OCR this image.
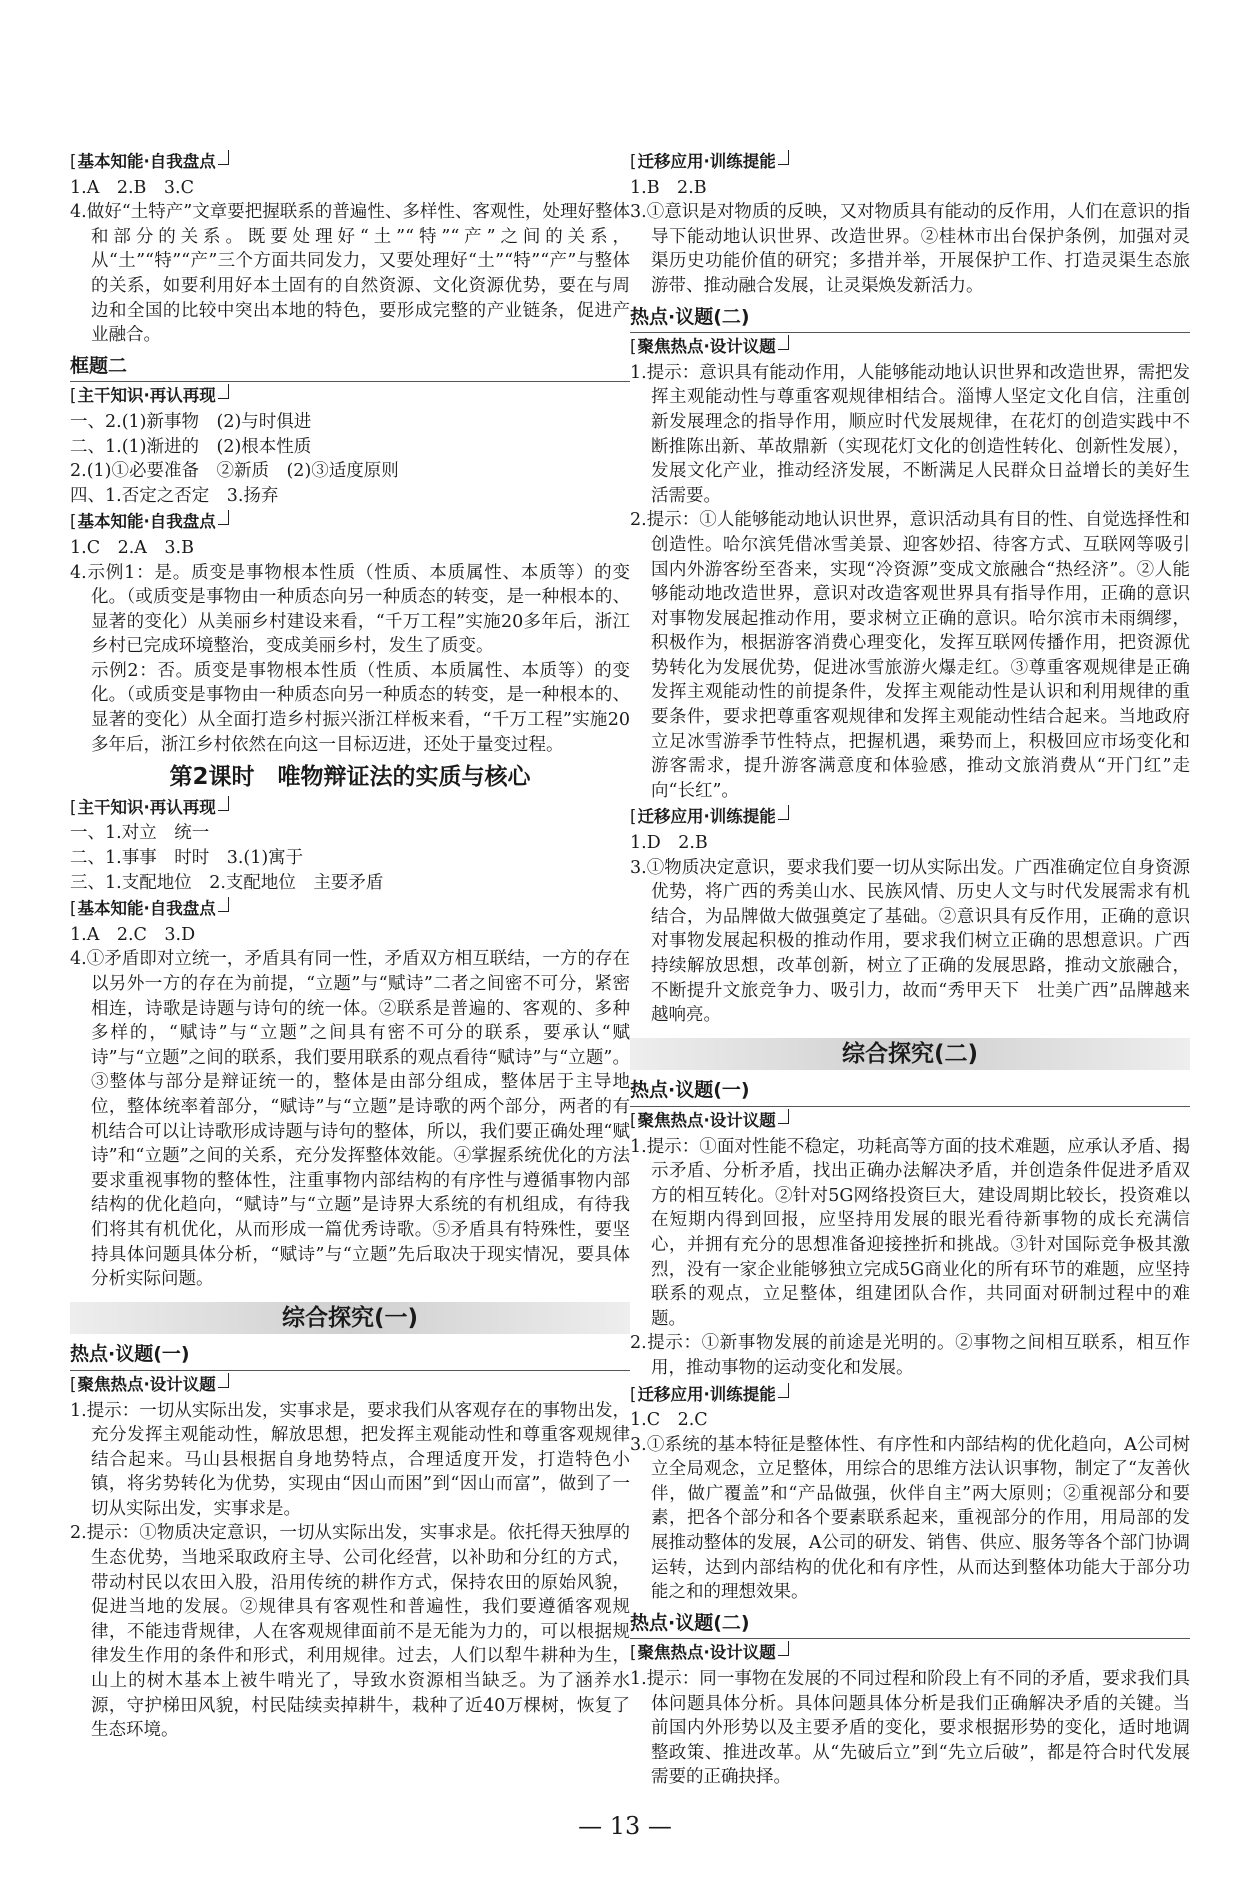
[ 基本知能·自我盘点
1.A　2.B　3.C
4.做好“土特产”文章要把握联系的普遍性、多样性、客观性，处理好整体和部分的关系。既要处理好“土”“特”“产”之间的关系，从“土”“特”“产”三个方面共同发力，又要处理好“土”“特”“产”与整体的关系，如要利用好本土固有的自然资源、文化资源优势，要在与周边和全国的比较中突出本地的特色，要形成完整的产业链条，促进产业融合。
框题二
[ 主干知识·再认再现
一、2.(1)新事物　(2)与时俱进
二、1.(1)渐进的　(2)根本性质
2.(1)①必要准备　②新质　(2)③适度原则
四、1.否定之否定　3.扬弃
[ 基本知能·自我盘点
1.C　2.A　3.B
4.示例1：是。质变是事物根本性质（性质、本质属性、本质等）的变化。（或质变是事物由一种质态向另一种质态的转变，是一种根本的、显著的变化）从美丽乡村建设来看，“千万工程”实施20多年后，浙江乡村已完成环境整治，变成美丽乡村，发生了质变。
示例2：否。质变是事物根本性质（性质、本质属性、本质等）的变化。（或质变是事物由一种质态向另一种质态的转变，是一种根本的、显著的变化）从全面打造乡村振兴浙江样板来看，“千万工程”实施20多年后，浙江乡村依然在向这一目标迈进，还处于量变过程。
第2课时　唯物辩证法的实质与核心
[ 主干知识·再认再现
一、1.对立　统一
二、1.事事　时时　3.(1)寓于
三、1.支配地位　2.支配地位　主要矛盾
[ 基本知能·自我盘点
1.A　2.C　3.D
4.①矛盾即对立统一，矛盾具有同一性，矛盾双方相互联结，一方的存在以另外一方的存在为前提，“立题”与“赋诗”二者之间密不可分，紧密相连，诗歌是诗题与诗句的统一体。②联系是普遍的、客观的、多种多样的，“赋诗”与“立题”之间具有密不可分的联系，要承认“赋诗”与“立题”之间的联系，我们要用联系的观点看待“赋诗”与“立题”。③整体与部分是辩证统一的，整体是由部分组成，整体居于主导地位，整体统率着部分，“赋诗”与“立题”是诗歌的两个部分，两者的有机结合可以让诗歌形成诗题与诗句的整体，所以，我们要正确处理“赋诗”和“立题”之间的关系，充分发挥整体效能。④掌握系统优化的方法要求重视事物的整体性，注重事物内部结构的有序性与遵循事物内部结构的优化趋向，“赋诗”与“立题”是诗界大系统的有机组成，有待我们将其有机优化，从而形成一篇优秀诗歌。⑤矛盾具有特殊性，要坚持具体问题具体分析，“赋诗”与“立题”先后取决于现实情况，要具体分析实际问题。
综合探究(一)
热点·议题(一)
[ 聚焦热点·设计议题
1.提示：一切从实际出发，实事求是，要求我们从客观存在的事物出发，充分发挥主观能动性，解放思想，把发挥主观能动性和尊重客观规律结合起来。马山县根据自身地势特点，合理适度开发，打造特色小镇，将劣势转化为优势，实现由“因山而困”到“因山而富”，做到了一切从实际出发，实事求是。
2.提示：①物质决定意识，一切从实际出发，实事求是。依托得天独厚的生态优势，当地采取政府主导、公司化经营，以补助和分红的方式，带动村民以农田入股，沿用传统的耕作方式，保持农田的原始风貌，促进当地的发展。②规律具有客观性和普遍性，我们要遵循客观规律，不能违背规律，人在客观规律面前不是无能为力的，可以根据规律发生作用的条件和形式，利用规律。过去，人们以犁牛耕种为生，山上的树木基本上被牛啃光了，导致水资源相当缺乏。为了涵养水源，守护梯田风貌，村民陆续卖掉耕牛，栽种了近40万棵树，恢复了生态环境。
[ 迁移应用·训练提能
1.B　2.B
3.①意识是对物质的反映，又对物质具有能动的反作用，人们在意识的指导下能动地认识世界、改造世界。②桂林市出台保护条例，加强对灵渠历史功能价值的研究；多措并举，开展保护工作、打造灵渠生态旅游带、推动融合发展，让灵渠焕发新活力。
热点·议题(二)
[ 聚焦热点·设计议题
1.提示：意识具有能动作用，人能够能动地认识世界和改造世界，需把发挥主观能动性与尊重客观规律相结合。淄博人坚定文化自信，注重创新发展理念的指导作用，顺应时代发展规律，在花灯的创造实践中不断推陈出新、革故鼎新（实现花灯文化的创造性转化、创新性发展），发展文化产业，推动经济发展，不断满足人民群众日益增长的美好生活需要。
2.提示：①人能够能动地认识世界，意识活动具有目的性、自觉选择性和创造性。哈尔滨凭借冰雪美景、迎客妙招、待客方式、互联网等吸引国内外游客纷至沓来，实现“冷资源”变成文旅融合“热经济”。②人能够能动地改造世界，意识对改造客观世界具有指导作用，正确的意识对事物发展起推动作用，要求树立正确的意识。哈尔滨市未雨绸缪，积极作为，根据游客消费心理变化，发挥互联网传播作用，把资源优势转化为发展优势，促进冰雪旅游火爆走红。③尊重客观规律是正确发挥主观能动性的前提条件，发挥主观能动性是认识和利用规律的重要条件，要求把尊重客观规律和发挥主观能动性结合起来。当地政府立足冰雪游季节性特点，把握机遇，乘势而上，积极回应市场变化和游客需求，提升游客满意度和体验感，推动文旅消费从“开门红”走向“长红”。
[ 迁移应用·训练提能
1.D　2.B
3.①物质决定意识，要求我们要一切从实际出发。广西准确定位自身资源优势，将广西的秀美山水、民族风情、历史人文与时代发展需求有机结合，为品牌做大做强奠定了基础。②意识具有反作用，正确的意识对事物发展起积极的推动作用，要求我们树立正确的思想意识。广西持续解放思想，改革创新，树立了正确的发展思路，推动文旅融合，不断提升文旅竞争力、吸引力，故而“秀甲天下　壮美广西”品牌越来越响亮。
综合探究(二)
热点·议题(一)
[ 聚焦热点·设计议题
1.提示：①面对性能不稳定，功耗高等方面的技术难题，应承认矛盾、揭示矛盾、分析矛盾，找出正确办法解决矛盾，并创造条件促进矛盾双方的相互转化。②针对5G网络投资巨大，建设周期比较长，投资难以在短期内得到回报，应坚持用发展的眼光看待新事物的成长充满信心，并拥有充分的思想准备迎接挫折和挑战。③针对国际竞争极其激烈，没有一家企业能够独立完成5G商业化的所有环节的难题，应坚持联系的观点，立足整体，组建团队合作，共同面对研制过程中的难题。
2.提示：①新事物发展的前途是光明的。②事物之间相互联系，相互作用，推动事物的运动变化和发展。
[ 迁移应用·训练提能
1.C　2.C
3.①系统的基本特征是整体性、有序性和内部结构的优化趋向，A公司树立全局观念，立足整体，用综合的思维方法认识事物，制定了“友善伙伴，做广覆盖”和“产品做强，伙伴自主”两大原则；②重视部分和要素，把各个部分和各个要素联系起来，重视部分的作用，用局部的发展推动整体的发展，A公司的研发、销售、供应、服务等各个部门协调运转，达到内部结构的优化和有序性，从而达到整体功能大于部分功能之和的理想效果。
热点·议题(二)
[ 聚焦热点·设计议题
1.提示：同一事物在发展的不同过程和阶段上有不同的矛盾，要求我们具体问题具体分析。具体问题具体分析是我们正确解决矛盾的关键。当前国内外形势以及主要矛盾的变化，要求根据形势的变化，适时地调整政策、推进改革。从“先破后立”到“先立后破”，都是符合时代发展需要的正确抉择。
— 13 —
